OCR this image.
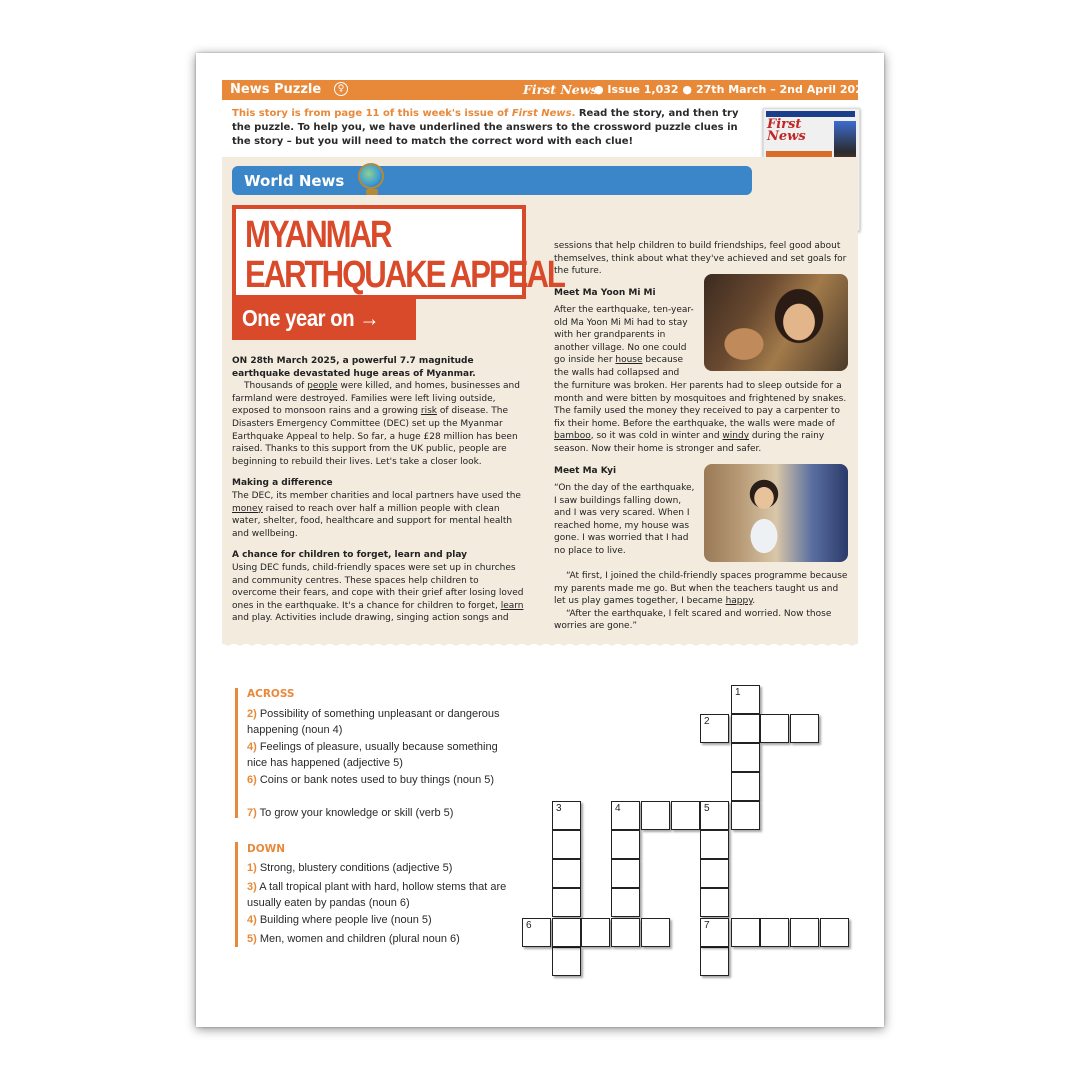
News Puzzle	♀	First News
● Issue 1,032 ● 27th March – 2nd April 2026
This story is from page 11 of this week's issue of First News. Read the story, and then try the puzzle. To help you, we have underlined the answers to the crossword puzzle clues in the story – but you will need to match the correct word with each clue!
First
News
World News
MYANMAR
EARTHQUAKE APPEAL
One year on →

ON 28th March 2025, a powerful 7.7 magnitude earthquake devastated huge areas of Myanmar.

Thousands of people were killed, and homes, businesses and farmland were destroyed. Families were left living outside, exposed to monsoon rains and a growing risk of disease. The Disasters Emergency Committee (DEC) set up the Myanmar Earthquake Appeal to help. So far, a huge £28 million has been raised. Thanks to this support from the UK public, people are beginning to rebuild their lives. Let's take a closer look.

Making a difference

The DEC, its member charities and local partners have used the money raised to reach over half a million people with clean water, shelter, food, healthcare and support for mental health and wellbeing.

A chance for children to forget, learn and play

Using DEC funds, child-friendly spaces were set up in churches and community centres. These spaces help children to overcome their fears, and cope with their grief after losing loved ones in the earthquake. It's a chance for children to forget, learn and play. Activities include drawing, singing action songs and

sessions that help children to build friendships, feel good about themselves, think about what they've achieved and set goals for the future.

Meet Ma Yoon Mi Mi

After the earthquake, ten-year-old Ma Yoon Mi Mi had to stay with her grandparents in another village. No one could go inside her house because the walls had collapsed and

the furniture was broken. Her parents had to sleep outside for a month and were bitten by mosquitoes and frightened by snakes. The family used the money they received to pay a carpenter to fix their home. Before the earthquake, the walls were made of bamboo, so it was cold in winter and windy during the rainy season. Now their home is stronger and safer.

Meet Ma Kyi

“On the day of the earthquake, I saw buildings falling down, and I was very scared. When I reached home, my house was gone. I was worried that I had no place to live.

“At first, I joined the child-friendly spaces programme because my parents made me go. But when the teachers taught us and let us play games together, I became happy.

“After the earthquake, I felt scared and worried. Now those worries are gone.”

ACROSS
2) Possibility of something unpleasant or dangerous happening (noun 4)
4) Feelings of pleasure, usually because something nice has happened (adjective 5)
6) Coins or bank notes used to buy things (noun 5)
7) To grow your knowledge or skill (verb 5)
DOWN
1) Strong, blustery conditions (adjective 5)
3) A tall tropical plant with hard, hollow stems that are usually eaten by pandas (noun 6)
4) Building where people live (noun 5)
5) Men, women and children (plural noun 6)
1
2
3	4	5
6	7
